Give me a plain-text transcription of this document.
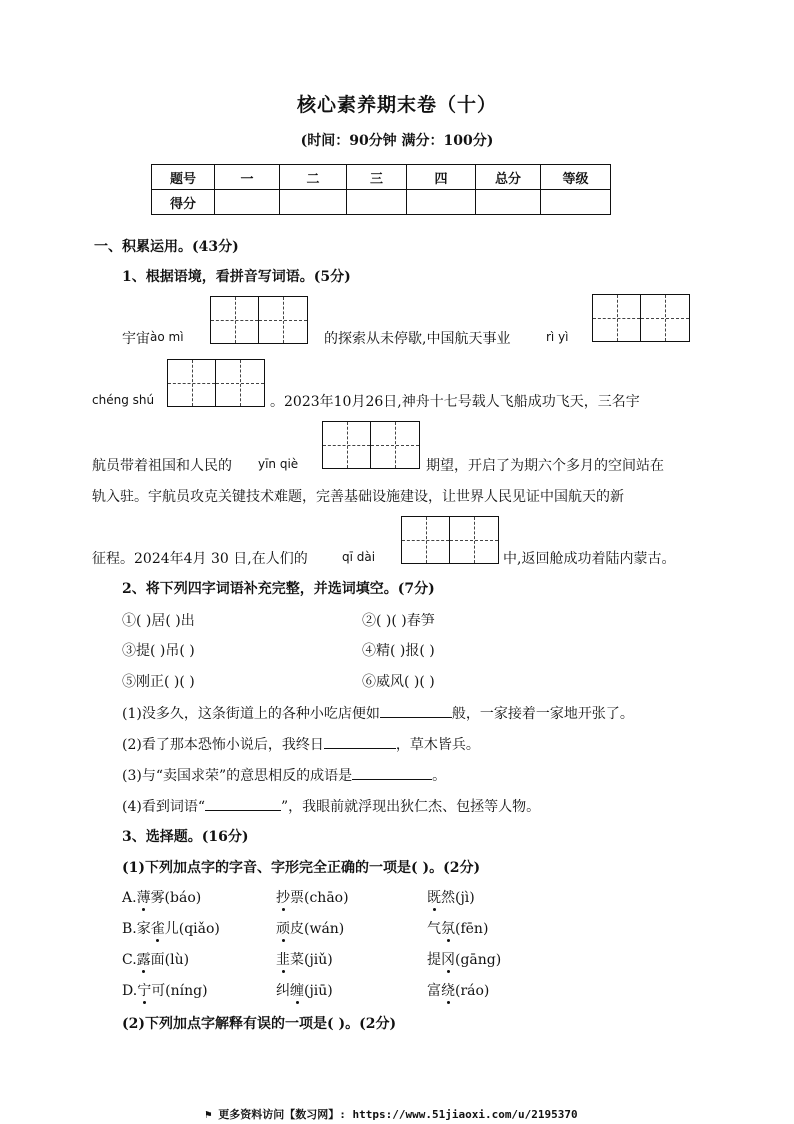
核心素养期末卷（十）
(时间：90分钟 满分：100分)
题号	一	二	三	四	总分	等级
得分						
一、积累运用。(43分)
1、根据语境，看拼音写词语。(5分)
宇宙 ào mì	的探索从未停歇,中国航天事业	rì yì
chéng shú	。2023年10月26日,神舟十七号载人飞船成功飞天，三名宇
航员带着祖国和人民的 yīn qiè	期望，开启了为期六个多月的空间站在
轨入驻。宇航员攻克关键技术难题，完善基础设施建设，让世界人民见证中国航天的新
征程。2024年4月 30 日,在人们的	qī dài	中,返回舱成功着陆内蒙古。
2、将下列四字词语补充完整，并选词填空。(7分)
①( )居( )出	②( )( )春笋
③提( )吊( )	④精( )报( )
⑤刚正( )( )	⑥威风( )( )
(1)没多久，这条街道上的各种小吃店便如	般，一家接着一家地开张了。
(2)看了那本恐怖小说后，我终日	，草木皆兵。
(3)与“卖国求荣”的意思相反的成语是	。
(4)看到词语“	”，我眼前就浮现出狄仁杰、包拯等人物。
3、选择题。(16分)
(1)下列加点字的字音、字形完全正确的一项是( )。(2分)
A.薄雾(báo)	抄票(chāo)	既然(jì)
B.家雀儿(qiǎo)	顽皮(wán)	气氛(fēn)
C.露面(lù)	韭菜(jiǔ)	提冈(gāng)
D.宁可(níng)	纠缠(jiū)	富绕(ráo)
(2)下列加点字解释有误的一项是( )。(2分)
⚑ 更多资料访问【数习网】: https://www.51jiaoxi.com/u/2195370
